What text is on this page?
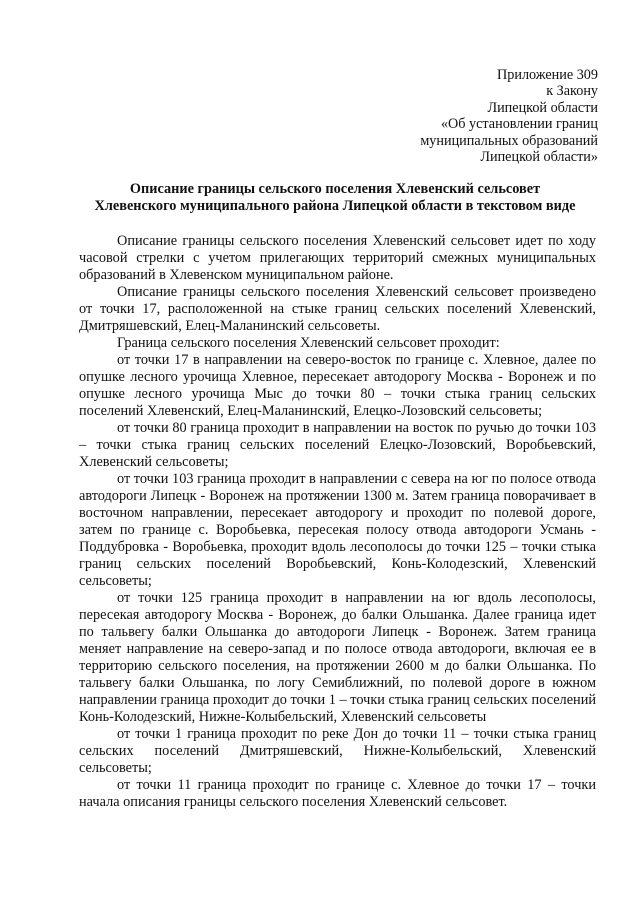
Приложение 309
к Закону
Липецкой области
«Об установлении границ
муниципальных образований
Липецкой области»
Описание границы сельского поселения Хлевенский сельсовет
Хлевенского муниципального района Липецкой области в текстовом виде

Описание границы сельского поселения Хлевенский сельсовет идет по ходу часовой стрелки с учетом прилегающих территорий смежных муниципальных образований в Хлевенском муниципальном районе.

Описание границы сельского поселения Хлевенский сельсовет произведено от точки 17, расположенной на стыке границ сельских поселений Хлевенский, Дмитряшевский, Елец-Маланинский сельсоветы.

Граница сельского поселения Хлевенский сельсовет проходит:

от точки 17 в направлении на северо-восток по границе с. Хлевное, далее по опушке лесного урочища Хлевное, пересекает автодорогу Москва - Воронеж и по опушке лесного урочища Мыс до точки 80 – точки стыка границ сельских поселений Хлевенский, Елец-Маланинский, Елецко-Лозовский сельсоветы;

от точки 80 граница проходит в направлении на восток по ручью до точки 103 – точки стыка границ сельских поселений Елецко-Лозовский, Воробьевский, Хлевенский сельсоветы;

от точки 103 граница проходит в направлении с севера на юг по полосе отвода автодороги Липецк - Воронеж на протяжении 1300 м. Затем граница поворачивает в восточном направлении, пересекает автодорогу и проходит по полевой дороге, затем по границе с. Воробьевка, пересекая полосу отвода автодороги Усмань - Поддубровка - Воробьевка, проходит вдоль лесополосы до точки 125 – точки стыка границ сельских поселений Воробьевский, Конь-Колодезский, Хлевенский сельсоветы;

от точки 125 граница проходит в направлении на юг вдоль лесополосы, пересекая автодорогу Москва - Воронеж, до балки Ольшанка. Далее граница идет по тальвегу балки Ольшанка до автодороги Липецк - Воронеж. Затем граница меняет направление на северо-запад и по полосе отвода автодороги, включая ее в территорию сельского поселения, на протяжении 2600 м до балки Ольшанка. По тальвегу балки Ольшанка, по логу Семиближний, по полевой дороге в южном направлении граница проходит до точки 1 – точки стыка границ сельских поселений Конь-Колодезский, Нижне-Колыбельский, Хлевенский сельсоветы

от точки 1 граница проходит по реке Дон до точки 11 – точки стыка границ сельских поселений Дмитряшевский, Нижне-Колыбельский, Хлевенский сельсоветы;

от точки 11 граница проходит по границе с. Хлевное до точки 17 – точки начала описания границы сельского поселения Хлевенский сельсовет.
